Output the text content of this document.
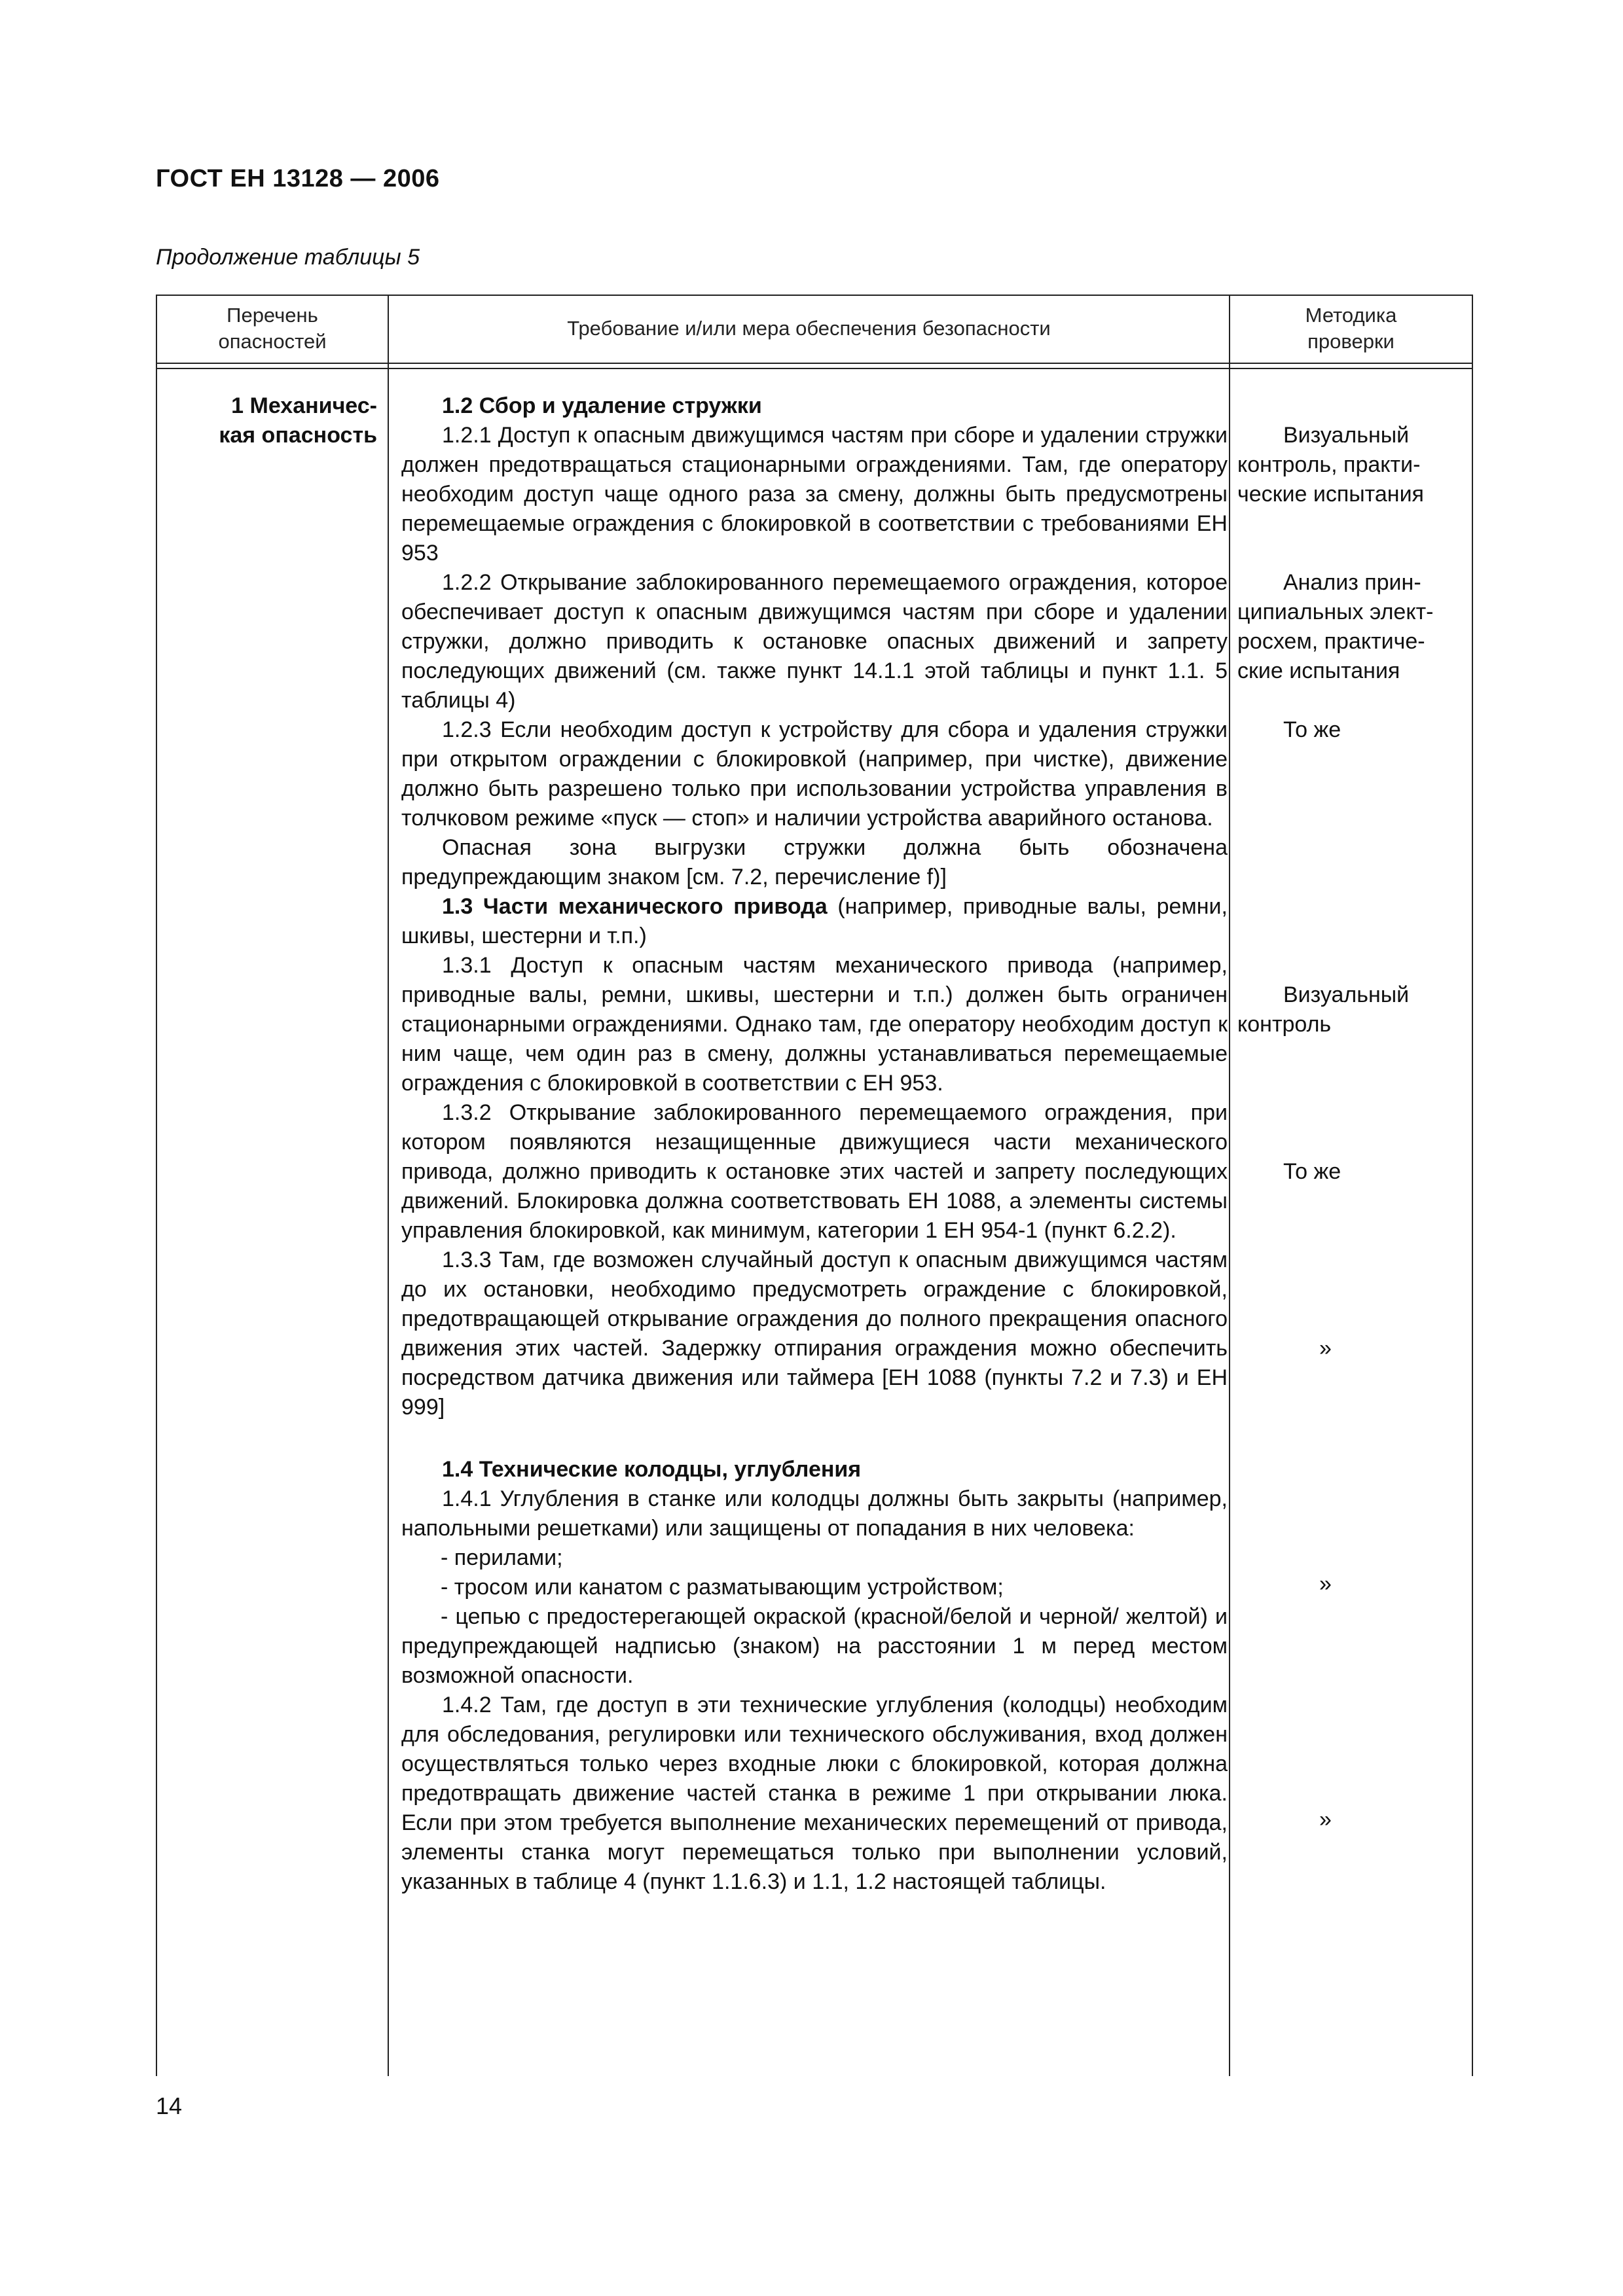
ГОСТ ЕН 13128 — 2006
Продолжение таблицы 5
Перечень
опасностей
Требование и/или мера обеспечения безопасности
Методика
проверки
1 Механичес-
кая опасность

1.2 Сбор и удаление стружки

1.2.1 Доступ к опасным движущимся частям при сборе и удалении стружки должен предотвращаться стационарными ограждениями. Там, где оператору необходим доступ чаще одного раза за смену, должны быть предусмотрены перемещаемые ограждения с блокировкой в соответствии с требованиями ЕН 953

1.2.2 Открывание заблокированного перемещаемого ограждения, которое обеспечивает доступ к опасным движущимся частям при сборе и удалении стружки, должно приводить к остановке опасных движений и запрету последующих движений (см. также пункт 14.1.1 этой таблицы и пункт 1.1. 5 таблицы 4)

1.2.3 Если необходим доступ к устройству для сбора и удаления стружки при открытом ограждении с блокировкой (например, при чистке), движение должно быть разрешено только при использовании устройства управления в толчковом режиме «пуск — стоп» и наличии устройства аварийного останова.

Опасная зона выгрузки стружки должна быть обозначена предупреждающим знаком [см. 7.2, перечисление f)]

1.3 Части механического привода (например, приводные валы, ремни, шкивы, шестерни и т.п.)

1.3.1 Доступ к опасным частям механического привода (например, приводные валы, ремни, шкивы, шестерни и т.п.) должен быть ограничен стационарными ограждениями. Однако там, где оператору необходим доступ к ним чаще, чем один раз в смену, должны устанавливаться перемещаемые ограждения с блокировкой в соответствии с ЕН 953.

1.3.2 Открывание заблокированного перемещаемого ограждения, при котором появляются незащищенные движущиеся части механического привода, должно приводить к остановке этих частей и запрету последующих движений. Блокировка должна соответствовать ЕН 1088, а элементы системы управления блокировкой, как минимум, категории 1 ЕН 954-1 (пункт 6.2.2).

1.3.3 Там, где возможен случайный доступ к опасным движущимся частям до их остановки, необходимо предусмотреть ограждение с блокировкой, предотвращающей открывание ограждения до полного прекращения опасного движения этих частей. Задержку отпирания ограждения можно обеспечить посредством датчика движения или таймера [ЕН 1088 (пункты 7.2 и 7.3) и ЕН 999]

1.4 Технические колодцы, углубления

1.4.1 Углубления в станке или колодцы должны быть закрыты (например, напольными решетками) или защищены от попадания в них человека:

- перилами;

- тросом или канатом с разматывающим устройством;

- цепью с предостерегающей окраской (красной/белой и черной/ желтой) и предупреждающей надписью (знаком) на расстоянии 1 м перед местом возможной опасности.

1.4.2 Там, где доступ в эти технические углубления (колодцы) необходим для обследования, регулировки или технического обслуживания, вход должен осуществляться только через входные люки с блокировкой, которая должна предотвращать движение частей станка в режиме 1 при открывании люка. Если при этом требуется выполнение механических перемещений от привода, элементы станка могут перемещаться только при выполнении условий, указанных в таблице 4 (пункт 1.1.6.3) и 1.1, 1.2 настоящей таблицы.

Визуальный
контроль, практи-
ческие испытания
Анализ прин-
ципиальных элект-
росхем, практиче-
ские испытания
То же
Визуальный
контроль
То же
»
»
»
14
